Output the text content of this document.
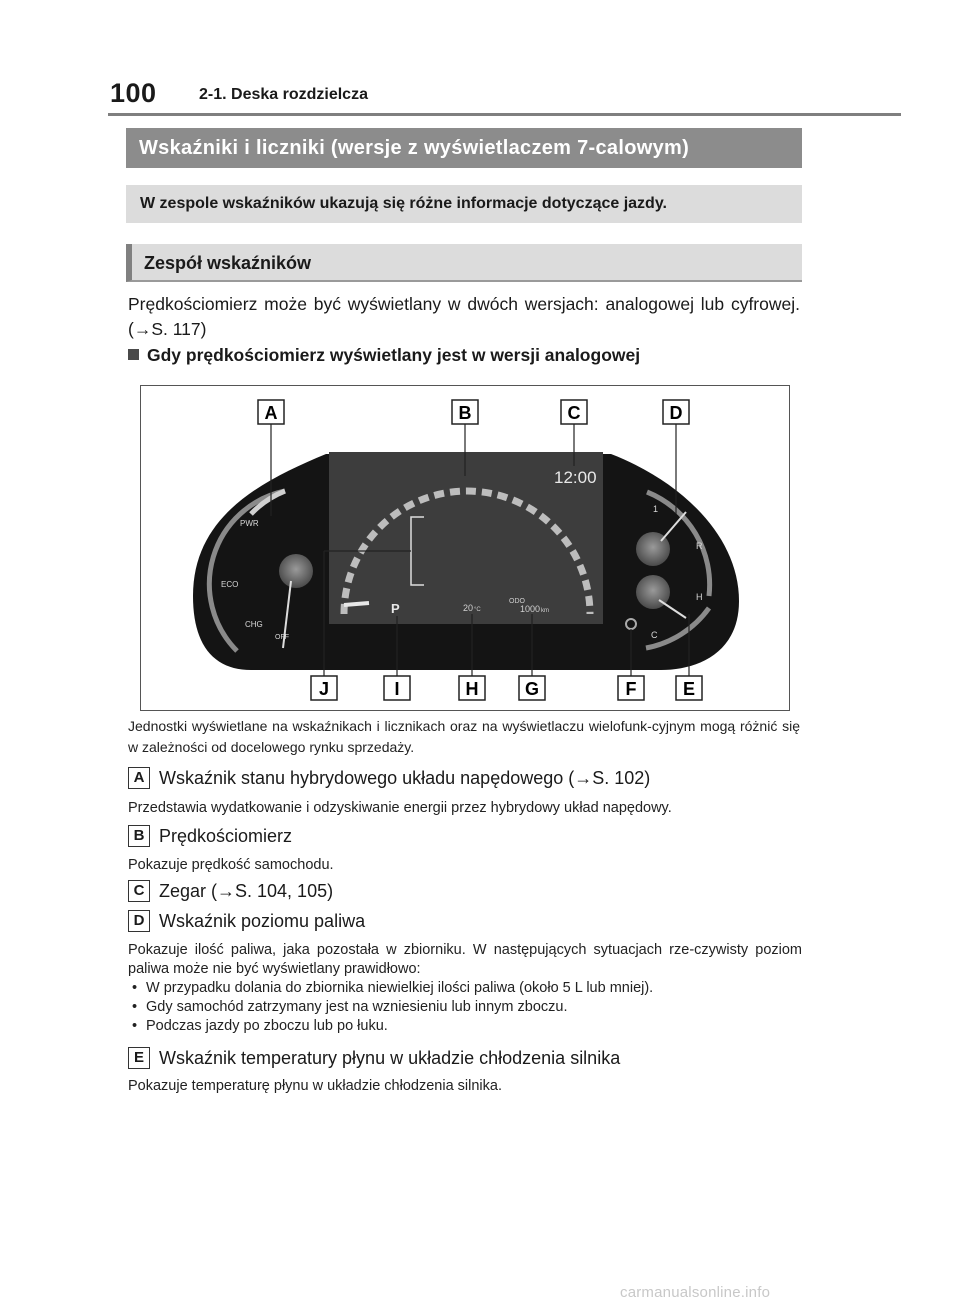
100	2-1. Deska rozdzielcza
Wskaźniki i liczniki (wersje z wyświetlaczem 7-calowym)
W zespole wskaźników ukazują się różne informacje dotyczące jazdy.
Zespół wskaźników
Prędkościomierz może być wyświetlany w dwóch wersjach: analogowej lub cyfrowej. (→S. 117)
Gdy prędkościomierz wyświetlany jest w wersji analogowej
12:00
P	20 °C
ODO
1000 km
PWR
ECO
CHG
OFF
1
R
H
C
A	B	C	D
J	I	H	G	F	E
Jednostki wyświetlane na wskaźnikach i licznikach oraz na wyświetlaczu wielofunk-cyjnym mogą różnić się w zależności od docelowego rynku sprzedaży.
A Wskaźnik stanu hybrydowego układu napędowego (→S. 102)
Przedstawia wydatkowanie i odzyskiwanie energii przez hybrydowy układ napędowy.
B Prędkościomierz
Pokazuje prędkość samochodu.
C Zegar (→S. 104, 105)
D Wskaźnik poziomu paliwa
Pokazuje ilość paliwa, jaka pozostała w zbiorniku. W następujących sytuacjach rze-czywisty poziom paliwa może nie być wyświetlany prawidłowo:
• W przypadku dolania do zbiornika niewielkiej ilości paliwa (około 5 L lub mniej).
• Gdy samochód zatrzymany jest na wzniesieniu lub innym zboczu.
• Podczas jazdy po zboczu lub po łuku.
E Wskaźnik temperatury płynu w układzie chłodzenia silnika
Pokazuje temperaturę płynu w układzie chłodzenia silnika.
carmanualsonline.info
